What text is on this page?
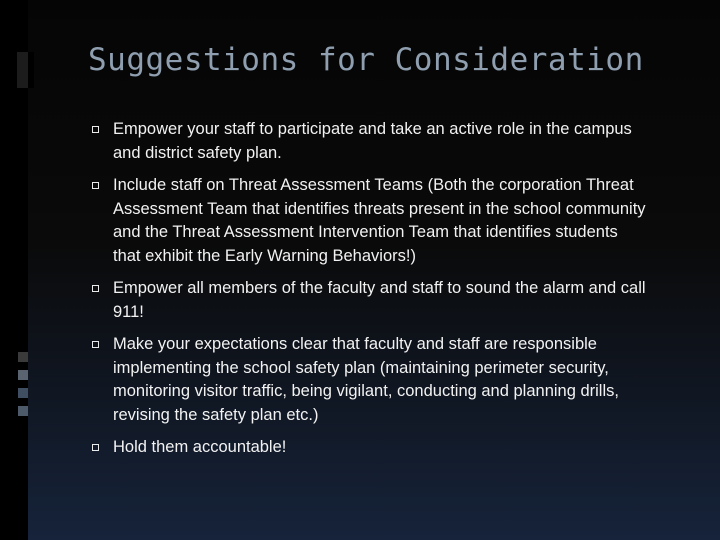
Suggestions for Consideration
Empower your staff to participate and take an active role in the campus and district safety plan.
Include staff on Threat Assessment Teams (Both the corporation Threat Assessment Team that identifies threats present in the school community and the Threat Assessment Intervention Team that identifies students that exhibit the Early Warning Behaviors!)
Empower all members of the faculty and staff to sound the alarm and call 911!
Make your expectations clear that faculty and staff are responsible implementing the school safety plan (maintaining perimeter security, monitoring visitor traffic, being vigilant, conducting and planning drills, revising the safety plan etc.)
Hold them accountable!
